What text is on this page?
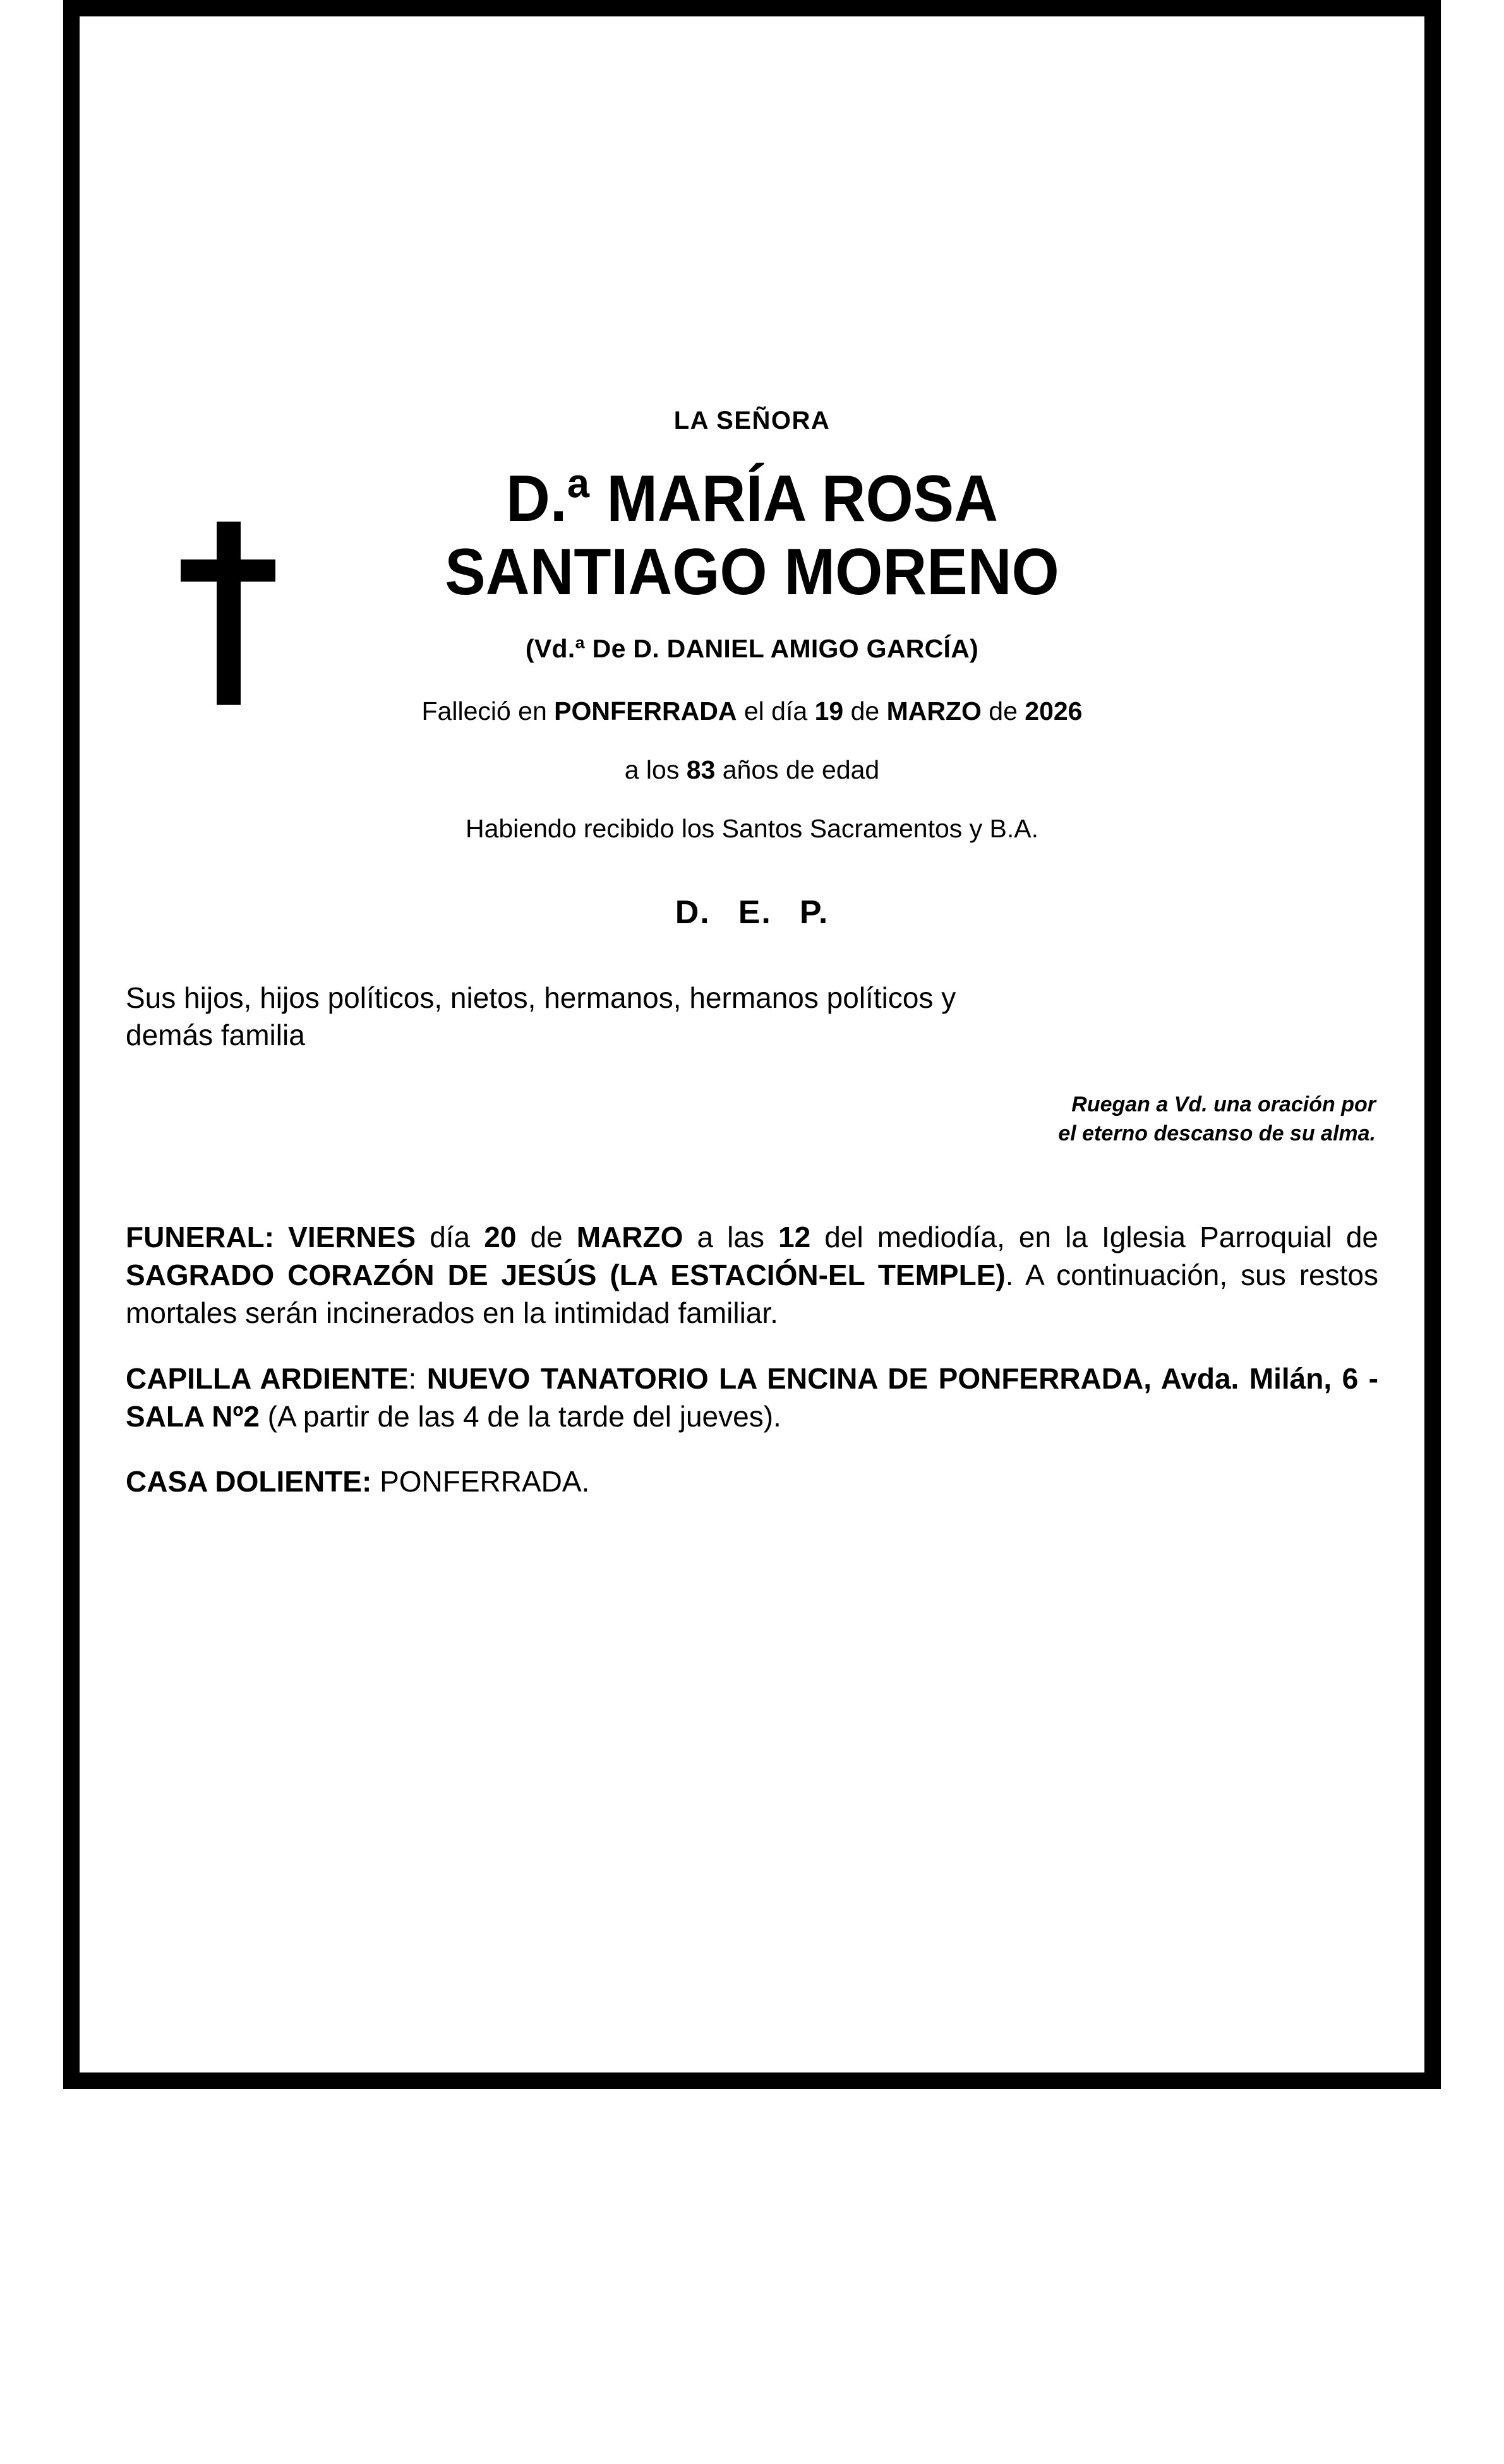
LA SEÑORA
D.ª MARÍA ROSA
SANTIAGO MORENO
(Vd.ª De D. DANIEL AMIGO GARCÍA)
Falleció en PONFERRADA el día 19 de MARZO de 2026
a los 83 años de edad
Habiendo recibido los Santos Sacramentos y B.A.
D. E. P.
Sus hijos, hijos políticos, nietos, hermanos, hermanos políticos y
demás familia
Ruegan a Vd. una oración por
el eterno descanso de su alma.

FUNERAL: VIERNES día 20 de MARZO a las 12 del mediodía, en la Iglesia Parroquial de SAGRADO CORAZÓN DE JESÚS (LA ESTACIÓN-EL TEMPLE). A continuación, sus restos mortales serán incinerados en la intimidad familiar.

CAPILLA ARDIENTE: NUEVO TANATORIO LA ENCINA DE PONFERRADA, Avda. Milán, 6 - SALA Nº2 (A partir de las 4 de la tarde del jueves).

CASA DOLIENTE: PONFERRADA.
